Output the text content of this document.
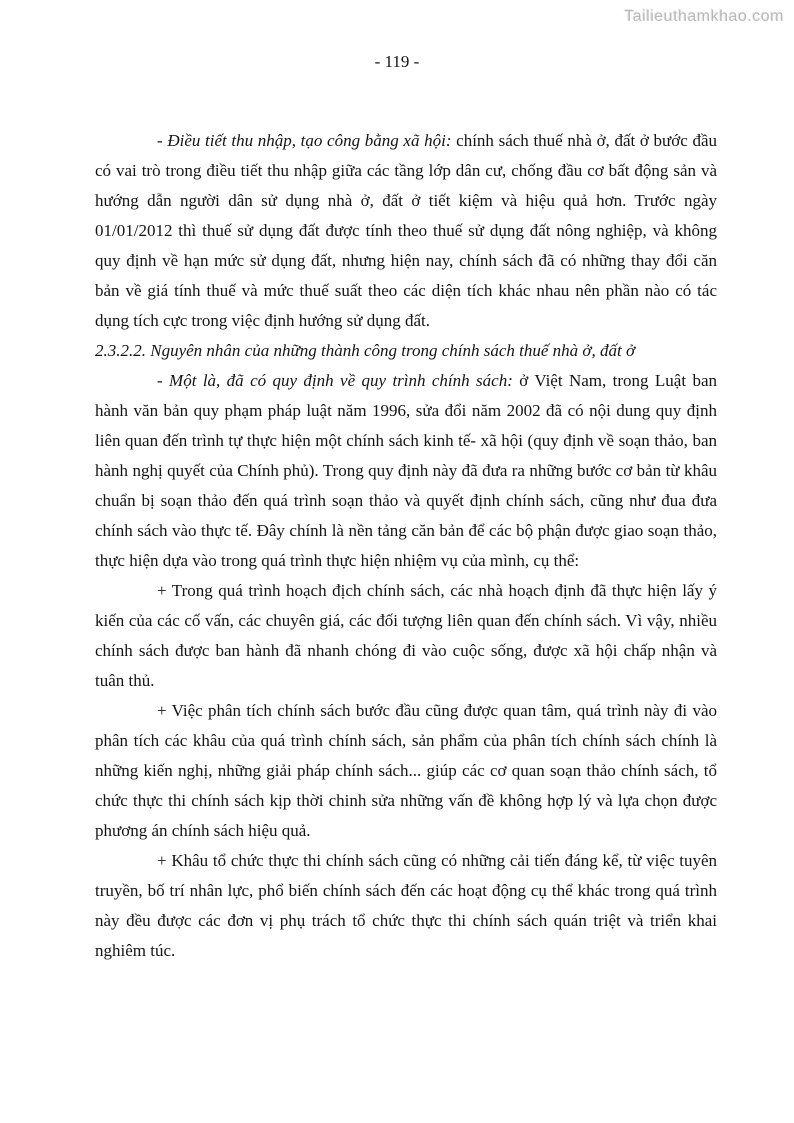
Tailieuthamkhao.com
- 119 -

- Điều tiết thu nhập, tạo công bằng xã hội: chính sách thuế nhà ở, đất ở bước đầu có vai trò trong điều tiết thu nhập giữa các tầng lớp dân cư, chống đầu cơ bất động sản và hướng dẫn người dân sử dụng nhà ở, đất ở tiết kiệm và hiệu quả hơn. Trước ngày 01/01/2012 thì thuế sử dụng đất được tính theo thuế sử dụng đất nông nghiệp, và không quy định về hạn mức sử dụng đất, nhưng hiện nay, chính sách đã có những thay đổi căn bản về giá tính thuế và mức thuế suất theo các diện tích khác nhau nên phần nào có tác dụng tích cực trong việc định hướng sử dụng đất.

2.3.2.2. Nguyên nhân của những thành công trong chính sách thuế nhà ở, đất ở

- Một là, đã có quy định về quy trình chính sách: ở Việt Nam, trong Luật ban hành văn bản quy phạm pháp luật năm 1996, sửa đổi năm 2002 đã có nội dung quy định liên quan đến trình tự thực hiện một chính sách kinh tế- xã hội (quy định về soạn thảo, ban hành nghị quyết của Chính phủ). Trong quy định này đã đưa ra những bước cơ bản từ khâu chuẩn bị soạn thảo đến quá trình soạn thảo và quyết định chính sách, cũng như đua đưa chính sách vào thực tế. Đây chính là nền tảng căn bản để các bộ phận được giao soạn thảo, thực hiện dựa vào trong quá trình thực hiện nhiệm vụ của mình, cụ thể:

+ Trong quá trình hoạch địch chính sách, các nhà hoạch định đã thực hiện lấy ý kiến của các cố vấn, các chuyên giá, các đối tượng liên quan đến chính sách. Vì vậy, nhiều chính sách được ban hành đã nhanh chóng đi vào cuộc sống, được xã hội chấp nhận và tuân thủ.

+ Việc phân tích chính sách bước đầu cũng được quan tâm, quá trình này đi vào phân tích các khâu của quá trình chính sách, sản phẩm của phân tích chính sách chính là những kiến nghị, những giải pháp chính sách... giúp các cơ quan soạn thảo chính sách, tổ chức thực thi chính sách kịp thời chinh sửa những vấn đề không hợp lý và lựa chọn được phương án chính sách hiệu quả.

+ Khâu tổ chức thực thi chính sách cũng có những cải tiến đáng kể, từ việc tuyên truyền, bố trí nhân lực, phổ biến chính sách đến các hoạt động cụ thể khác trong quá trình này đều được các đơn vị phụ trách tổ chức thực thi chính sách quán triệt và triển khai nghiêm túc.
